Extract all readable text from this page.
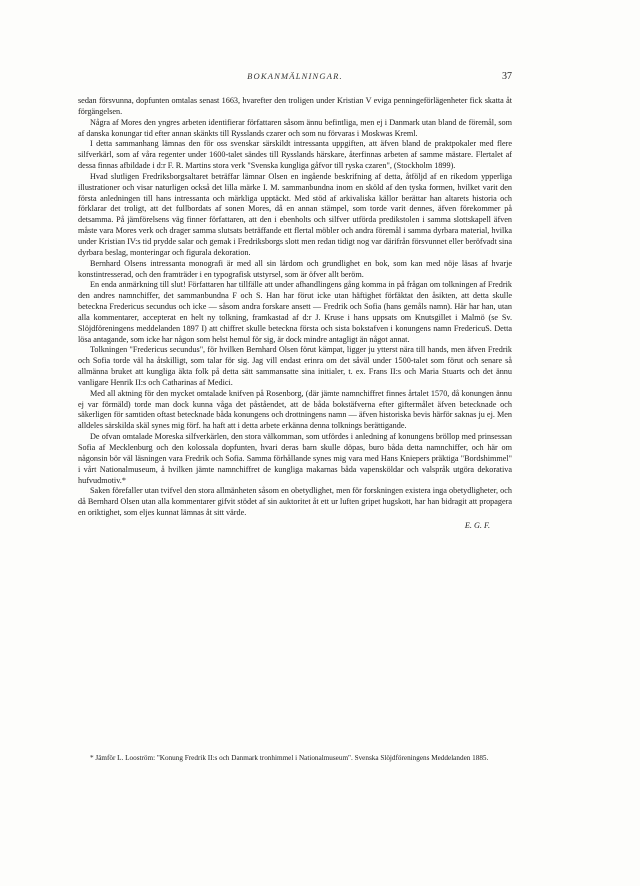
BOKANMÄLNINGAR.	37

sedan försvunna, dopfunten omtalas senast 1663, hvarefter den troligen under Kristian V eviga penningeförlägenheter fick skatta åt förgängelsen.

Några af Mores den yngres arbeten identifierar författaren såsom ännu befintliga, men ej i Danmark utan bland de föremål, som af danska konungar tid efter annan skänkts till Rysslands czarer och som nu förvaras i Moskwas Kreml.

I detta sammanhang lämnas den för oss svenskar särskildt intressanta uppgiften, att äfven bland de praktpokaler med flere silfverkärl, som af våra regenter under 1600-talet sändes till Rysslands härskare, återfinnas arbeten af samme mästare. Flertalet af dessa finnas afbildade i d:r F. R. Martins stora verk "Svenska kungliga gåfvor till ryska czaren", (Stockholm 1899).

Hvad slutligen Fredriksborgsaltaret beträffar lämnar Olsen en ingående beskrifning af detta, åtföljd af en rikedom ypperliga illustrationer och visar naturligen också det lilla märke I. M. sammanbundna inom en sköld af den tyska formen, hvilket varit den första anledningen till hans intressanta och märkliga upptäckt. Med stöd af arkivaliska källor berättar han altarets historia och förklarar det troligt, att det fullbordats af sonen Mores, då en annan stämpel, som torde varit dennes, äfven förekommer på detsamma. På jämförelsens väg finner författaren, att den i ebenholts och silfver utförda predikstolen i samma slottskapell äfven måste vara Mores verk och drager samma slutsats beträffande ett flertal möbler och andra föremål i samma dyrbara material, hvilka under Kristian IV:s tid prydde salar och gemak i Fredriksborgs slott men redan tidigt nog var därifrån försvunnet eller beröfvadt sina dyrbara beslag, monteringar och figurala dekoration.

Bernhard Olsens intressanta monografi är med all sin lärdom och grundlighet en bok, som kan med nöje läsas af hvarje konstintresserad, och den framträder i en typografisk utstyrsel, som är öfver allt beröm.

En enda anmärkning till slut! Författaren har tillfälle att under afhandlingens gång komma in på frågan om tolkningen af Fredrik den andres namnchiffer, det sammanbundna F och S. Han har förut icke utan häftighet förfäktat den åsikten, att detta skulle beteckna Fredericus secundus och icke — såsom andra forskare ansett — Fredrik och Sofia (hans gemåls namn). Här har han, utan alla kommentarer, accepterat en helt ny tolkning, framkastad af d:r J. Kruse i hans uppsats om Knutsgillet i Malmö (se Sv. Slöjdföreningens meddelanden 1897 I) att chiffret skulle beteckna första och sista bokstafven i konungens namn FredericuS. Detta lösa antagande, som icke har någon som helst hemul för sig, är dock mindre antagligt än något annat.

Tolkningen "Fredericus secundus", för hvilken Bernhard Olsen förut kämpat, ligger ju ytterst nära till hands, men äfven Fredrik och Sofia torde väl ha åtskilligt, som talar för sig. Jag vill endast erinra om det såväl under 1500-talet som förut och senare så allmänna bruket att kungliga äkta folk på detta sätt sammansatte sina initialer, t. ex. Frans II:s och Maria Stuarts och det ännu vanligare Henrik II:s och Catharinas af Medici.

Med all aktning för den mycket omtalade knifven på Rosenborg, (där jämte namnchiffret finnes årtalet 1570, då konungen ännu ej var förmäld) torde man dock kunna våga det påståendet, att de båda bokstäfverna efter giftermålet äfven betecknade och säkerligen för samtiden oftast betecknade båda konungens och drottningens namn — äfven historiska bevis härför saknas ju ej. Men alldeles särskilda skäl synes mig förf. ha haft att i detta arbete erkänna denna tolknings berättigande.

De ofvan omtalade Moreska silfverkärlen, den stora välkomman, som utfördes i anledning af konungens bröllop med prinsessan Sofia af Mecklenburg och den kolossala dopfunten, hvari deras barn skulle döpas, buro båda detta namnchiffer, och här om någonsin bör väl läsningen vara Fredrik och Sofia. Samma förhållande synes mig vara med Hans Kniepers präktiga "Bordshimmel" i vårt Nationalmuseum, å hvilken jämte namnchiffret de kungliga makarnas båda vapensköldar och valspråk utgöra dekorativa hufvudmotiv.*

Saken förefaller utan tvifvel den stora allmänheten såsom en obetydlighet, men för forskningen existera inga obetydligheter, och då Bernhard Olsen utan alla kommentarer gifvit stödet af sin auktoritet åt ett ur luften gripet hugskott, har han bidragit att propagera en oriktighet, som eljes kunnat lämnas åt sitt värde.

E. G. F.

* Jämför L. Looström: "Konung Fredrik II:s och Danmark tronhimmel i Nationalmuseum". Svenska Slöjdföreningens Meddelanden 1885.
